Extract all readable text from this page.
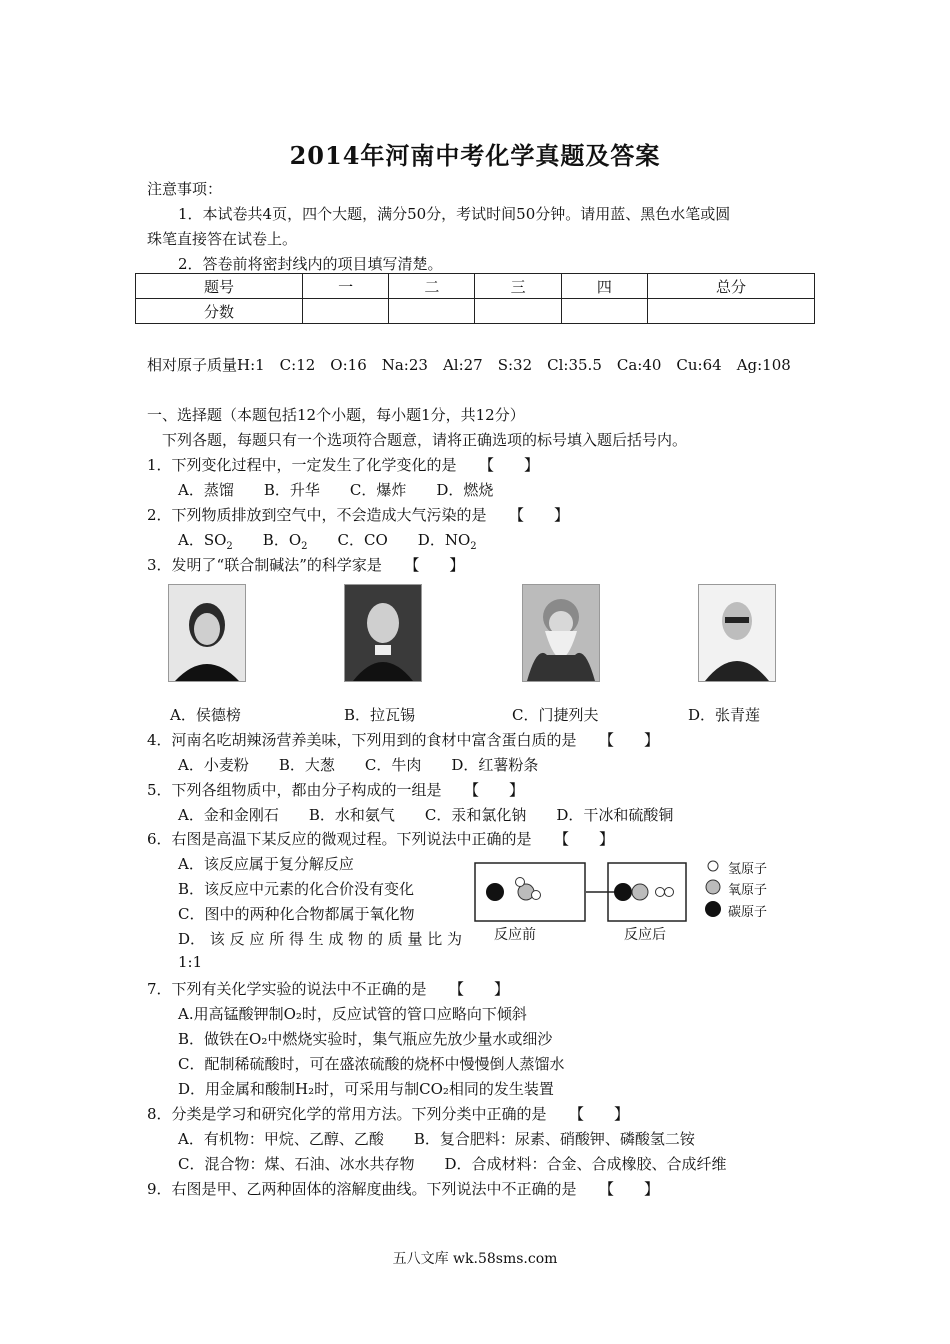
2014年河南中考化学真题及答案
注意事项：
1．本试卷共4页，四个大题，满分50分，考试时间50分钟。请用蓝、黑色水笔或圆
珠笔直接答在试卷上。
2．答卷前将密封线内的项目填写清楚。
题号	一	二	三	四	总分
分数					
相对原子质量H:1　C:12　O:16　Na:23　Al:27　S:32　Cl:35.5　Ca:40　Cu:64　Ag:108
一、选择题（本题包括12个小题，每小题1分，共12分）
下列各题，每题只有一个选项符合题意，请将正确选项的标号填入题后括号内。
1．下列变化过程中，一定发生了化学变化的是　　【　　】
A．蒸馏　　B．升华　　C．爆炸　　D．燃烧
2．下列物质排放到空气中，不会造成大气污染的是　　【　　】
A．$SO_2$　　 B．$O_2$　　 C．CO　　 D．$NO_2$
3．发明了“联合制碱法”的科学家是　　【　　】
A．侯德榜	B．拉瓦锡	C．门捷列夫	D．张青莲
4．河南名吃胡辣汤营养美味，下列用到的食材中富含蛋白质的是　　【　　】
A．小麦粉　　B．大葱　　C．牛肉　　D．红薯粉条
5．下列各组物质中，都由分子构成的一组是　　【　　】
A．金和金刚石　　B．水和氨气　　C．汞和氯化钠　　D．干冰和硫酸铜
6．右图是高温下某反应的微观过程。下列说法中正确的是　　【　　】
A．该反应属于复分解反应
B．该反应中元素的化合价没有变化
C．图中的两种化合物都属于氧化物
D． 该 反 应 所 得 生 成 物 的 质 量 比 为
1:1
反应前	反应后
氢原子
氧原子
碳原子
7．下列有关化学实验的说法中不正确的是　　【　　】
A.用高锰酸钾制O₂时，反应试管的管口应略向下倾斜
B．做铁在O₂中燃烧实验时，集气瓶应先放少量水或细沙
C．配制稀硫酸时，可在盛浓硫酸的烧杯中慢慢倒人蒸馏水
D．用金属和酸制H₂时，可采用与制CO₂相同的发生装置
8．分类是学习和研究化学的常用方法。下列分类中正确的是　　【　　】
A．有机物：甲烷、乙醇、乙酸　　B．复合肥料：尿素、硝酸钾、磷酸氢二铵
C．混合物：煤、石油、冰水共存物　　D．合成材料：合金、合成橡胶、合成纤维
9．右图是甲、乙两种固体的溶解度曲线。下列说法中不正确的是　　【　　】
五八文库 wk.58sms.com
